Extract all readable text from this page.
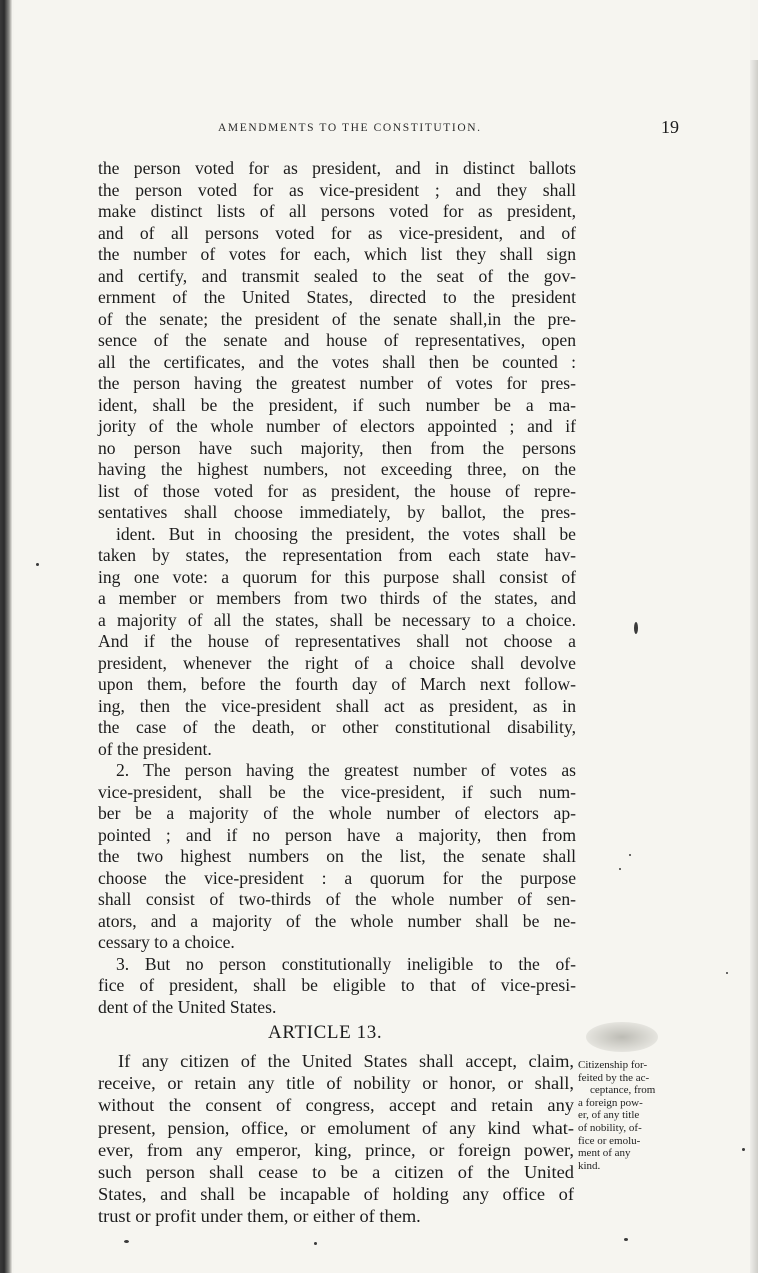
AMENDMENTS TO THE CONSTITUTION.	19
the person voted for as president, and in distinct ballots
the person voted for as vice-president ; and they shall
make distinct lists of all persons voted for as president,
and of all persons voted for as vice-president, and of
the number of votes for each, which list they shall sign
and certify, and transmit sealed to the seat of the gov-
ernment of the United States, directed to the president
of the senate; the president of the senate shall,in the pre-
sence of the senate and house of representatives, open
all the certificates, and the votes shall then be counted :
the person having the greatest number of votes for pres-
ident, shall be the president, if such number be a ma-
jority of the whole number of electors appointed ; and if
no person have such majority, then from the persons
having the highest numbers, not exceeding three, on the
list of those voted for as president, the house of repre-
sentatives shall choose immediately, by ballot, the pres-
ident. But in choosing the president, the votes shall be
taken by states, the representation from each state hav-
ing one vote: a quorum for this purpose shall consist of
a member or members from two thirds of the states, and
a majority of all the states, shall be necessary to a choice.
And if the house of representatives shall not choose a
president, whenever the right of a choice shall devolve
upon them, before the fourth day of March next follow-
ing, then the vice-president shall act as president, as in
the case of the death, or other constitutional disability,
of the president.
2. The person having the greatest number of votes as
vice-president, shall be the vice-president, if such num-
ber be a majority of the whole number of electors ap-
pointed ; and if no person have a majority, then from
the two highest numbers on the list, the senate shall
choose the vice-president : a quorum for the purpose
shall consist of two-thirds of the whole number of sen-
ators, and a majority of the whole number shall be ne-
cessary to a choice.
3. But no person constitutionally ineligible to the of-
fice of president, shall be eligible to that of vice-presi-
dent of the United States.
ARTICLE 13.
If any citizen of the United States shall accept, claim,
receive, or retain any title of nobility or honor, or shall,
without the consent of congress, accept and retain any
present, pension, office, or emolument of any kind what-
ever, from any emperor, king, prince, or foreign power,
such person shall cease to be a citizen of the United
States, and shall be incapable of holding any office of
trust or profit under them, or either of them.
Citizenship for-
feited by the ac-
ceptance, from
a foreign pow-
er, of any title
of nobility, of-
fice or emolu-
ment of any
kind.
